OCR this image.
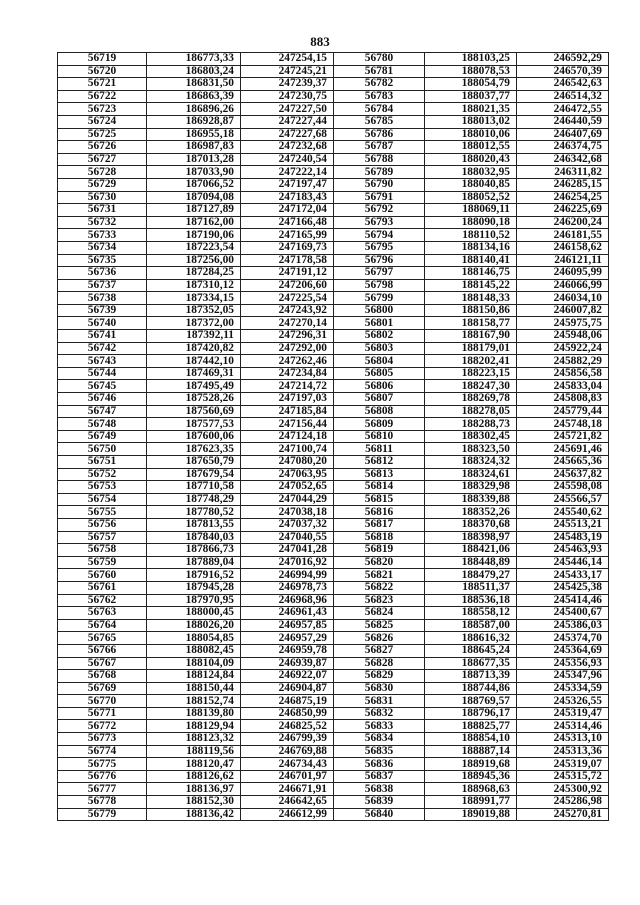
883
56719	186773,33	247254,15	56780	188103,25	246592,29
56720	186803,24	247245,21	56781	188078,53	246570,39
56721	186831,50	247239,37	56782	188054,79	246542,63
56722	186863,39	247230,75	56783	188037,77	246514,32
56723	186896,26	247227,50	56784	188021,35	246472,55
56724	186928,87	247227,44	56785	188013,02	246440,59
56725	186955,18	247227,68	56786	188010,06	246407,69
56726	186987,83	247232,68	56787	188012,55	246374,75
56727	187013,28	247240,54	56788	188020,43	246342,68
56728	187033,90	247222,14	56789	188032,95	246311,82
56729	187066,52	247197,47	56790	188040,85	246285,15
56730	187094,08	247183,43	56791	188052,52	246254,25
56731	187127,89	247172,04	56792	188069,11	246225,69
56732	187162,00	247166,48	56793	188090,18	246200,24
56733	187190,06	247165,99	56794	188110,52	246181,55
56734	187223,54	247169,73	56795	188134,16	246158,62
56735	187256,00	247178,58	56796	188140,41	246121,11
56736	187284,25	247191,12	56797	188146,75	246095,99
56737	187310,12	247206,60	56798	188145,22	246066,99
56738	187334,15	247225,54	56799	188148,33	246034,10
56739	187352,05	247243,92	56800	188150,86	246007,82
56740	187372,00	247270,14	56801	188158,77	245975,75
56741	187392,11	247296,31	56802	188167,90	245948,06
56742	187420,82	247292,00	56803	188179,01	245922,24
56743	187442,10	247262,46	56804	188202,41	245882,29
56744	187469,31	247234,84	56805	188223,15	245856,58
56745	187495,49	247214,72	56806	188247,30	245833,04
56746	187528,26	247197,03	56807	188269,78	245808,83
56747	187560,69	247185,84	56808	188278,05	245779,44
56748	187577,53	247156,44	56809	188288,73	245748,18
56749	187600,06	247124,18	56810	188302,45	245721,82
56750	187623,35	247100,74	56811	188323,50	245691,46
56751	187650,79	247080,20	56812	188324,32	245665,36
56752	187679,54	247063,95	56813	188324,61	245637,82
56753	187710,58	247052,65	56814	188329,98	245598,08
56754	187748,29	247044,29	56815	188339,88	245566,57
56755	187780,52	247038,18	56816	188352,26	245540,62
56756	187813,55	247037,32	56817	188370,68	245513,21
56757	187840,03	247040,55	56818	188398,97	245483,19
56758	187866,73	247041,28	56819	188421,06	245463,93
56759	187889,04	247016,92	56820	188448,89	245446,14
56760	187916,52	246994,99	56821	188479,27	245433,17
56761	187945,28	246978,73	56822	188511,37	245425,38
56762	187970,95	246968,96	56823	188536,18	245414,46
56763	188000,45	246961,43	56824	188558,12	245400,67
56764	188026,20	246957,85	56825	188587,00	245386,03
56765	188054,85	246957,29	56826	188616,32	245374,70
56766	188082,45	246959,78	56827	188645,24	245364,69
56767	188104,09	246939,87	56828	188677,35	245356,93
56768	188124,84	246922,07	56829	188713,39	245347,96
56769	188150,44	246904,87	56830	188744,86	245334,59
56770	188152,74	246875,19	56831	188769,57	245326,55
56771	188139,80	246850,99	56832	188796,17	245319,47
56772	188129,94	246825,52	56833	188825,77	245314,46
56773	188123,32	246799,39	56834	188854,10	245313,10
56774	188119,56	246769,88	56835	188887,14	245313,36
56775	188120,47	246734,43	56836	188919,68	245319,07
56776	188126,62	246701,97	56837	188945,36	245315,72
56777	188136,97	246671,91	56838	188968,63	245300,92
56778	188152,30	246642,65	56839	188991,77	245286,98
56779	188136,42	246612,99	56840	189019,88	245270,81
